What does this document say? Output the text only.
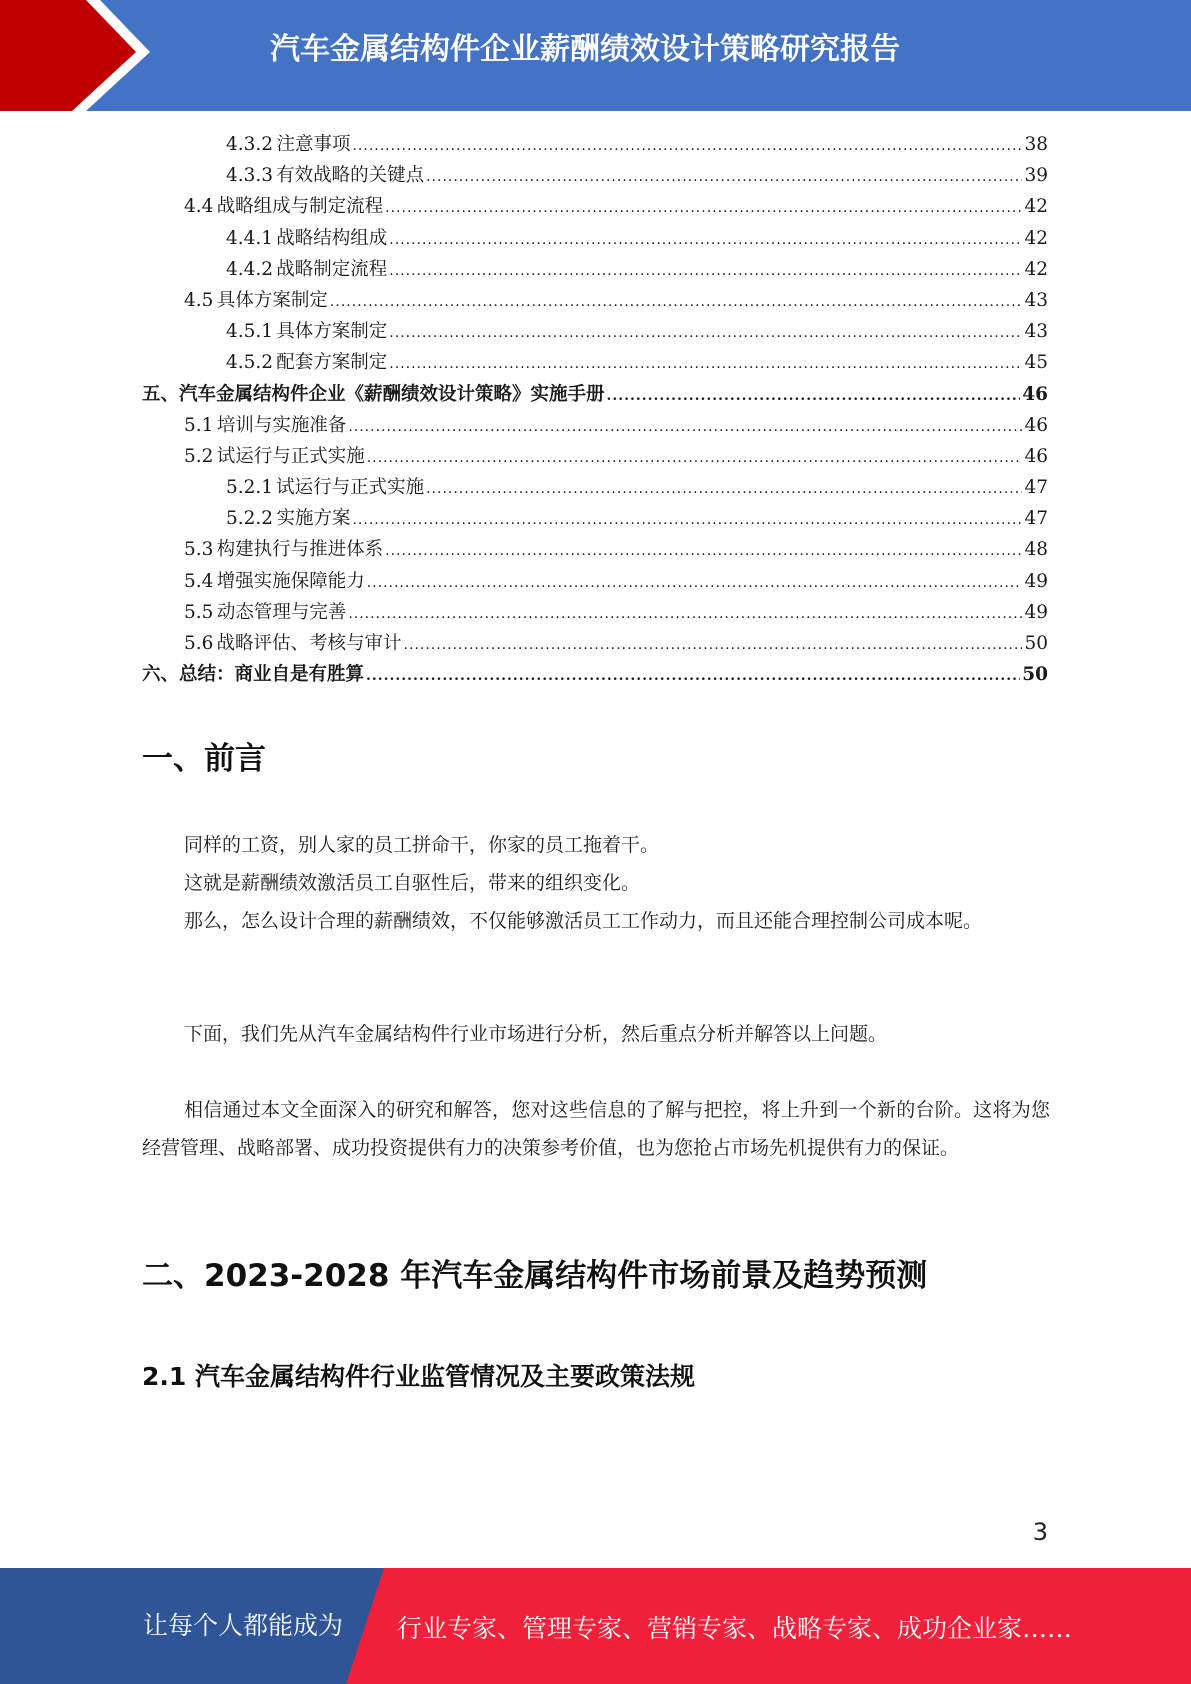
汽车金属结构件企业薪酬绩效设计策略研究报告
4.3.2 注意事项 .....	38
4.3.3 有效战略的关键点 .....	39
4.4 战略组成与制定流程 .....	42
4.4.1 战略结构组成 .....	42
4.4.2 战略制定流程 .....	42
4.5 具体方案制定 .....	43
4.5.1 具体方案制定 .....	43
4.5.2 配套方案制定 .....	45
五、 汽车金属结构件企业《薪酬绩效设计策略》实施手册 .....	46
5.1 培训与实施准备 .....	46
5.2 试运行与正式实施 .....	46
5.2.1 试运行与正式实施 .....	47
5.2.2 实施方案 .....	47
5.3 构建执行与推进体系 .....	48
5.4 增强实施保障能力 .....	49
5.5 动态管理与完善 .....	49
5.6 战略评估、考核与审计 .....	50
六、 总结：商业自是有胜算 .....	50
一、前言

同样的工资，别人家的员工拼命干，你家的员工拖着干。

这就是薪酬绩效激活员工自驱性后，带来的组织变化。

那么，怎么设计合理的薪酬绩效，不仅能够激活员工工作动力，而且还能合理控制公司成本呢。

下面，我们先从汽车金属结构件行业市场进行分析，然后重点分析并解答以上问题。

相信通过本文全面深入的研究和解答，您对这些信息的了解与把控，将上升到一个新的台阶。这将为您经营管理、战略部署、成功投资提供有力的决策参考价值，也为您抢占市场先机提供有力的保证。

二、2023-2028 年汽车金属结构件市场前景及趋势预测
2.1 汽车金属结构件行业监管情况及主要政策法规
3
让每个人都能成为 行业专家、管理专家、营销专家、战略专家、成功企业家……
